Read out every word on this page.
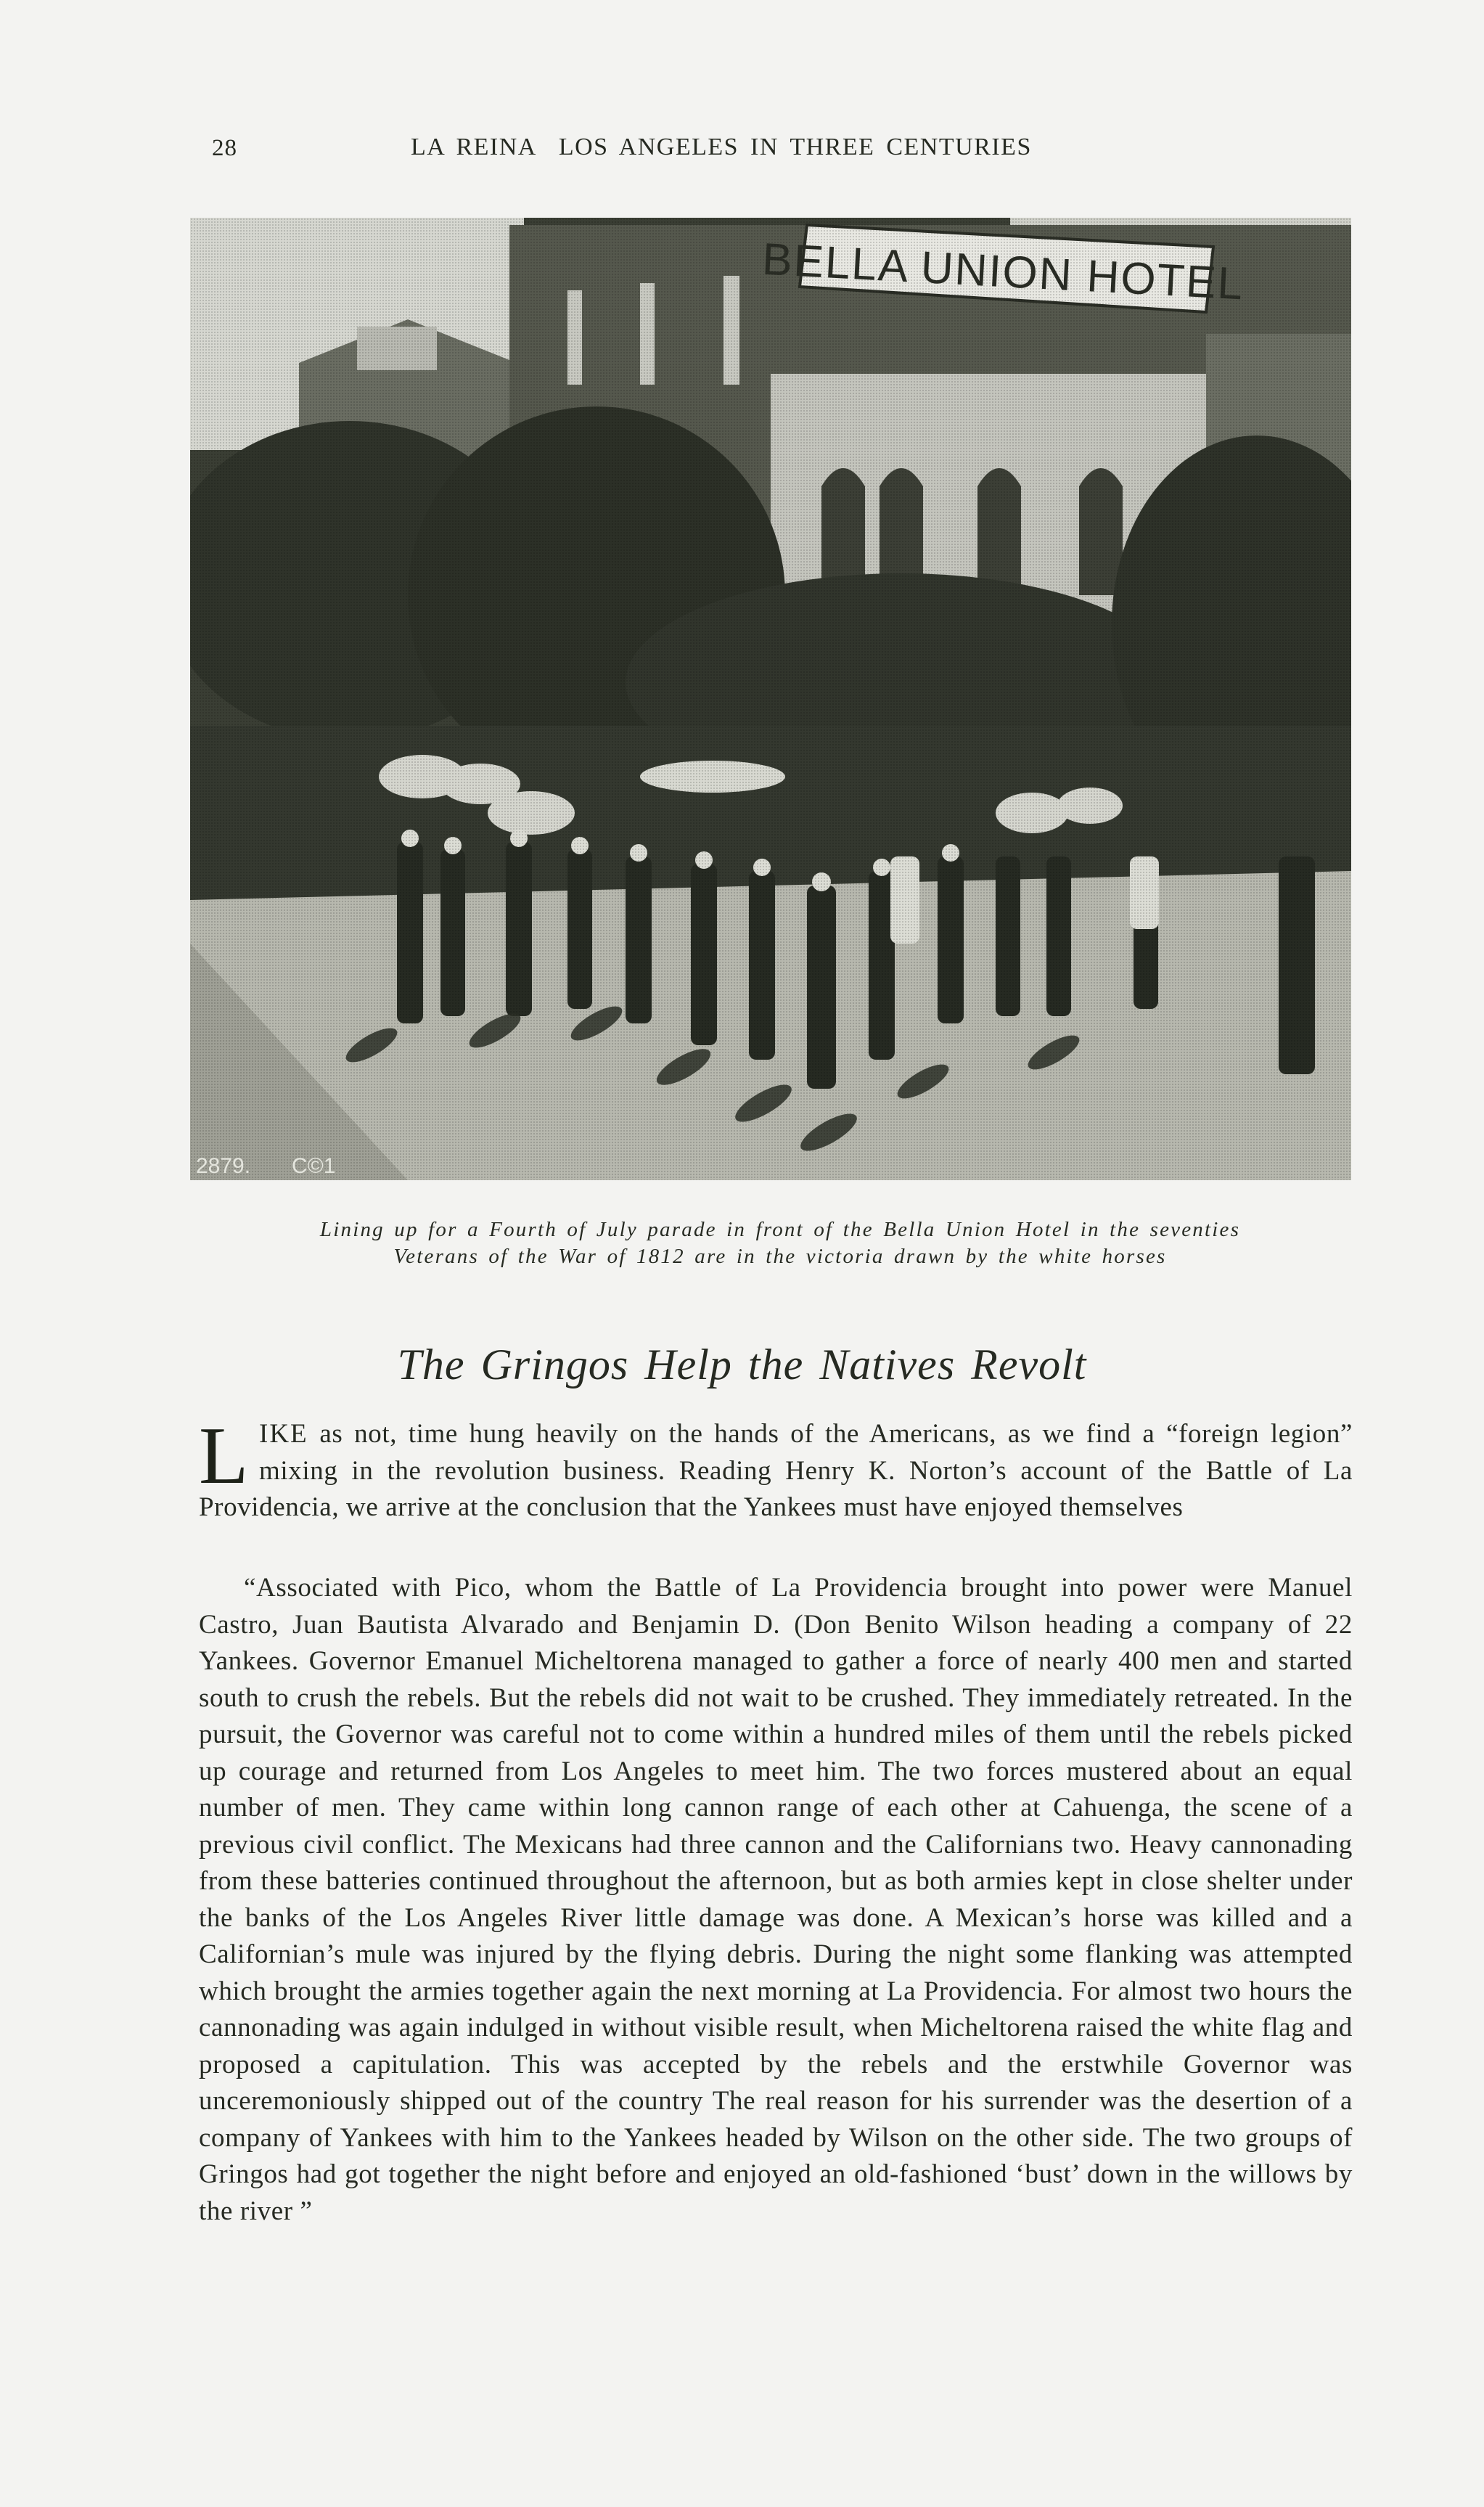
28	LA REINA LOS ANGELES IN THREE CENTURIES
2879. C©1
Lining up for a Fourth of July parade in front of the Bella Union Hotel in the seventies
Veterans of the War of 1812 are in the victoria drawn by the white horses
The Gringos Help the Natives Revolt
LIKE as not, time hung heavily on the hands of the Americans, as we find a “foreign legion” mixing in the revolution business. Reading Henry K. Norton’s account of the Battle of La Providencia, we arrive at the conclusion that the Yankees must have enjoyed themselves
“Associated with Pico, whom the Battle of La Providencia brought into power were Manuel Castro, Juan Bautista Alvarado and Benjamin D. (Don Benito Wilson heading a company of 22 Yankees. Governor Emanuel Micheltorena managed to gather a force of nearly 400 men and started south to crush the rebels. But the rebels did not wait to be crushed. They immediately retreated. In the pursuit, the Governor was careful not to come within a hundred miles of them until the rebels picked up courage and returned from Los Angeles to meet him. The two forces mustered about an equal number of men. They came within long cannon range of each other at Cahuenga, the scene of a previous civil conflict. The Mexicans had three cannon and the Californians two. Heavy cannonading from these batteries continued throughout the afternoon, but as both armies kept in close shelter under the banks of the Los Angeles River little damage was done. A Mexican’s horse was killed and a Californian’s mule was injured by the flying debris. During the night some flanking was attempted which brought the armies together again the next morning at La Providencia. For almost two hours the cannonading was again indulged in without visible result, when Micheltorena raised the white flag and proposed a capitulation. This was accepted by the rebels and the erstwhile Governor was unceremoniously shipped out of the country The real reason for his surrender was the desertion of a company of Yankees with him to the Yankees headed by Wilson on the other side. The two groups of Gringos had got together the night before and enjoyed an old-fashioned ‘bust’ down in the willows by the river ”
